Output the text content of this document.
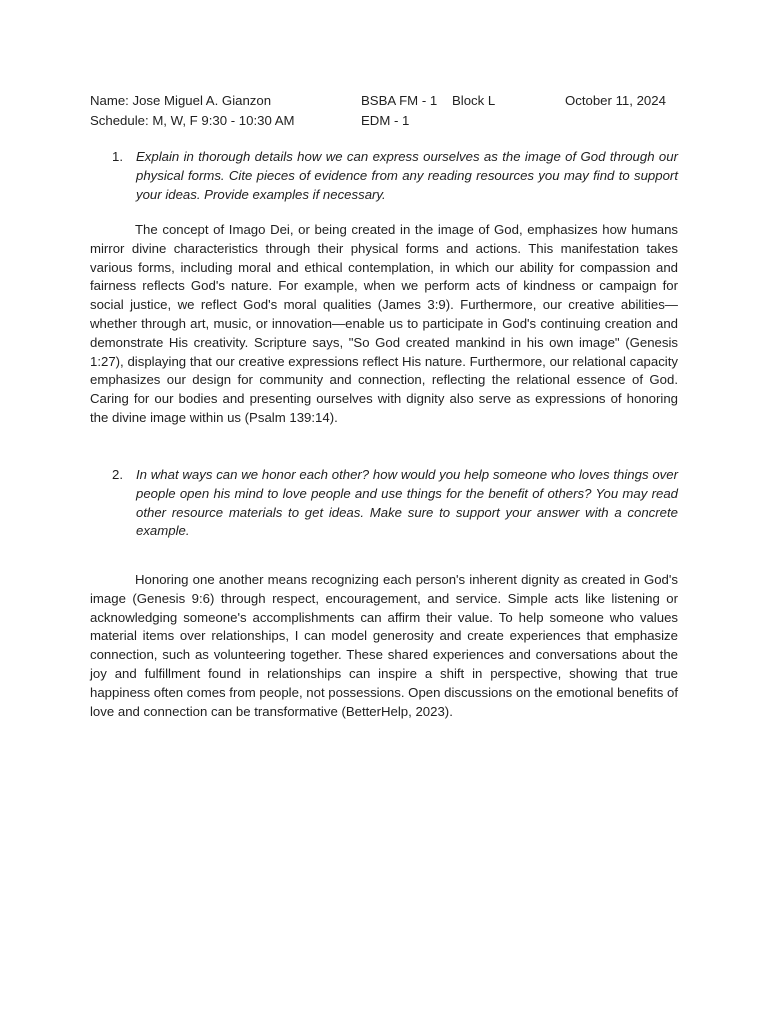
Name: Jose Miguel A. Gianzon	BSBA FM - 1 Block L	October 11, 2024
Schedule: M, W, F 9:30 - 10:30 AM	EDM - 1
1. Explain in thorough details how we can express ourselves as the image of God through our physical forms. Cite pieces of evidence from any reading resources you may find to support your ideas. Provide examples if necessary.

The concept of Imago Dei, or being created in the image of God, emphasizes how humans mirror divine characteristics through their physical forms and actions. This manifestation takes various forms, including moral and ethical contemplation, in which our ability for compassion and fairness reflects God's nature. For example, when we perform acts of kindness or campaign for social justice, we reflect God's moral qualities (James 3:9). Furthermore, our creative abilities—whether through art, music, or innovation—enable us to participate in God's continuing creation and demonstrate His creativity. Scripture says, "So God created mankind in his own image" (Genesis 1:27), displaying that our creative expressions reflect His nature. Furthermore, our relational capacity emphasizes our design for community and connection, reflecting the relational essence of God. Caring for our bodies and presenting ourselves with dignity also serve as expressions of honoring the divine image within us (Psalm 139:14).

2. In what ways can we honor each other? how would you help someone who loves things over people open his mind to love people and use things for the benefit of others? You may read other resource materials to get ideas. Make sure to support your answer with a concrete example.

Honoring one another means recognizing each person's inherent dignity as created in God's image (Genesis 9:6) through respect, encouragement, and service. Simple acts like listening or acknowledging someone's accomplishments can affirm their value. To help someone who values material items over relationships, I can model generosity and create experiences that emphasize connection, such as volunteering together. These shared experiences and conversations about the joy and fulfillment found in relationships can inspire a shift in perspective, showing that true happiness often comes from people, not possessions. Open discussions on the emotional benefits of love and connection can be transformative (BetterHelp, 2023).
